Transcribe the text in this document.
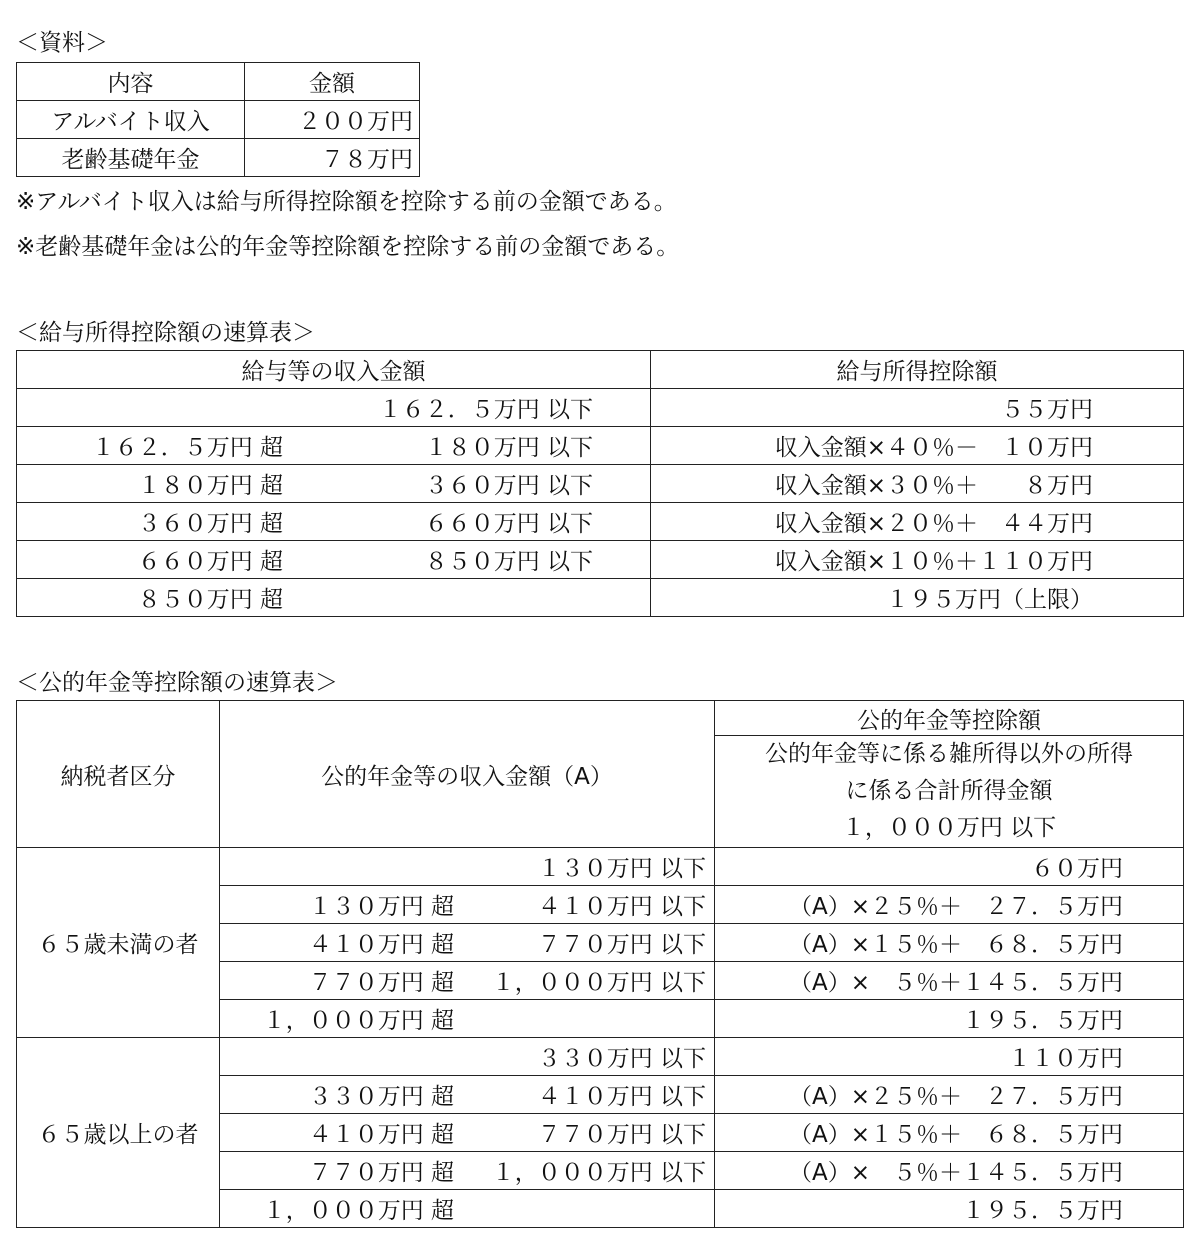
＜資料＞
内容	金額
アルバイト収入	２００万円
老齢基礎年金	７８万円
※アルバイト収入は給与所得控除額を控除する前の金額である。
※老齢基礎年金は公的年金等控除額を控除する前の金額である。
＜給与所得控除額の速算表＞
給与等の収入金額	給与所得控除額
１６２．５万円 以下	５５万円
１６２．５万円 超 １８０万円 以下	収入金額×４０％－　１０万円
１８０万円 超 ３６０万円 以下	収入金額×３０％＋　　８万円
３６０万円 超 ６６０万円 以下	収入金額×２０％＋　４４万円
６６０万円 超 ８５０万円 以下	収入金額×１０％＋１１０万円
８５０万円 超	１９５万円（上限）
＜公的年金等控除額の速算表＞
納税者区分	公的年金等の収入金額（A）	公的年金等控除額

		公的年金等に係る雑所得以外の所得
に係る合計所得金額
１，０００万円 以下

６５歳未満の者	１３０万円 以下	６０万円
	１３０万円 超 ４１０万円 以下	（A）×２５％＋　２７．５万円
	４１０万円 超 ７７０万円 以下	（A）×１５％＋　６８．５万円
	７７０万円 超 １，０００万円 以下	（A）×　５％＋１４５．５万円
	１，０００万円 超	１９５．５万円
６５歳以上の者	３３０万円 以下	１１０万円
	３３０万円 超 ４１０万円 以下	（A）×２５％＋　２７．５万円
	４１０万円 超 ７７０万円 以下	（A）×１５％＋　６８．５万円
	７７０万円 超 １，０００万円 以下	（A）×　５％＋１４５．５万円
	１，０００万円 超	１９５．５万円
